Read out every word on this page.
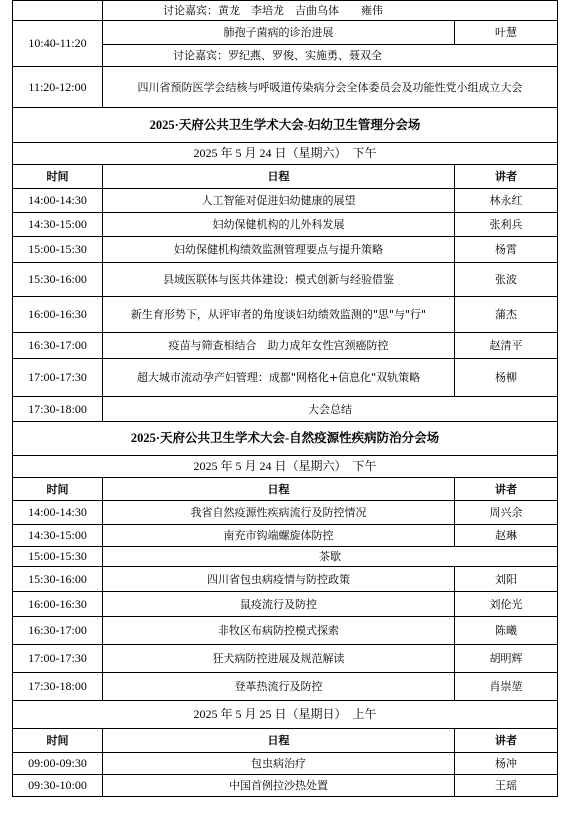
	讨论嘉宾：黄龙　李培龙　吉曲乌体　　雍伟	
10:40-11:20	肺孢子菌病的诊治进展	叶慧
	讨论嘉宾：罗纪燕、罗俊、实施勇、聂双全	
11:20-12:00	四川省预防医学会结核与呼吸道传染病分会全体委员会及功能性党小组成立大会	
2025·天府公共卫生学术大会-妇幼卫生管理分会场		
2025 年 5 月 24 日（星期六）　下午		
时间	日程	讲者
14:00-14:30	人工智能对促进妇幼健康的展望	林永红
14:30-15:00	妇幼保健机构的儿外科发展	张利兵
15:00-15:30	妇幼保健机构绩效监测管理要点与提升策略	杨霄
15:30-16:00	县域医联体与医共体建设：模式创新与经验借鉴	张波
16:00-16:30	新生育形势下，从评审者的角度谈妇幼绩效监测的"思"与"行"	蒲杰
16:30-17:00	疫苗与筛查相结合　助力成年女性宫颈癌防控	赵清平
17:00-17:30	超大城市流动孕产妇管理：成都"网格化+信息化"双轨策略	杨柳
17:30-18:00	大会总结	
2025·天府公共卫生学术大会-自然疫源性疾病防治分会场		
2025 年 5 月 24 日（星期六）　下午		
时间	日程	讲者
14:00-14:30	我省自然疫源性疾病流行及防控情况	周兴余
14:30-15:00	南充市钩端螺旋体防控	赵琳
15:00-15:30	茶歇	
15:30-16:00	四川省包虫病疫情与防控政策	刘阳
16:00-16:30	鼠疫流行及防控	刘伦光
16:30-17:00	非牧区布病防控模式探索	陈曦
17:00-17:30	狂犬病防控进展及规范解读	胡明辉
17:30-18:00	登革热流行及防控	肖崇堃
2025 年 5 月 25 日（星期日）　上午		
时间	日程	讲者
09:00-09:30	包虫病治疗	杨冲
09:30-10:00	中国首例拉沙热处置	王瑶
